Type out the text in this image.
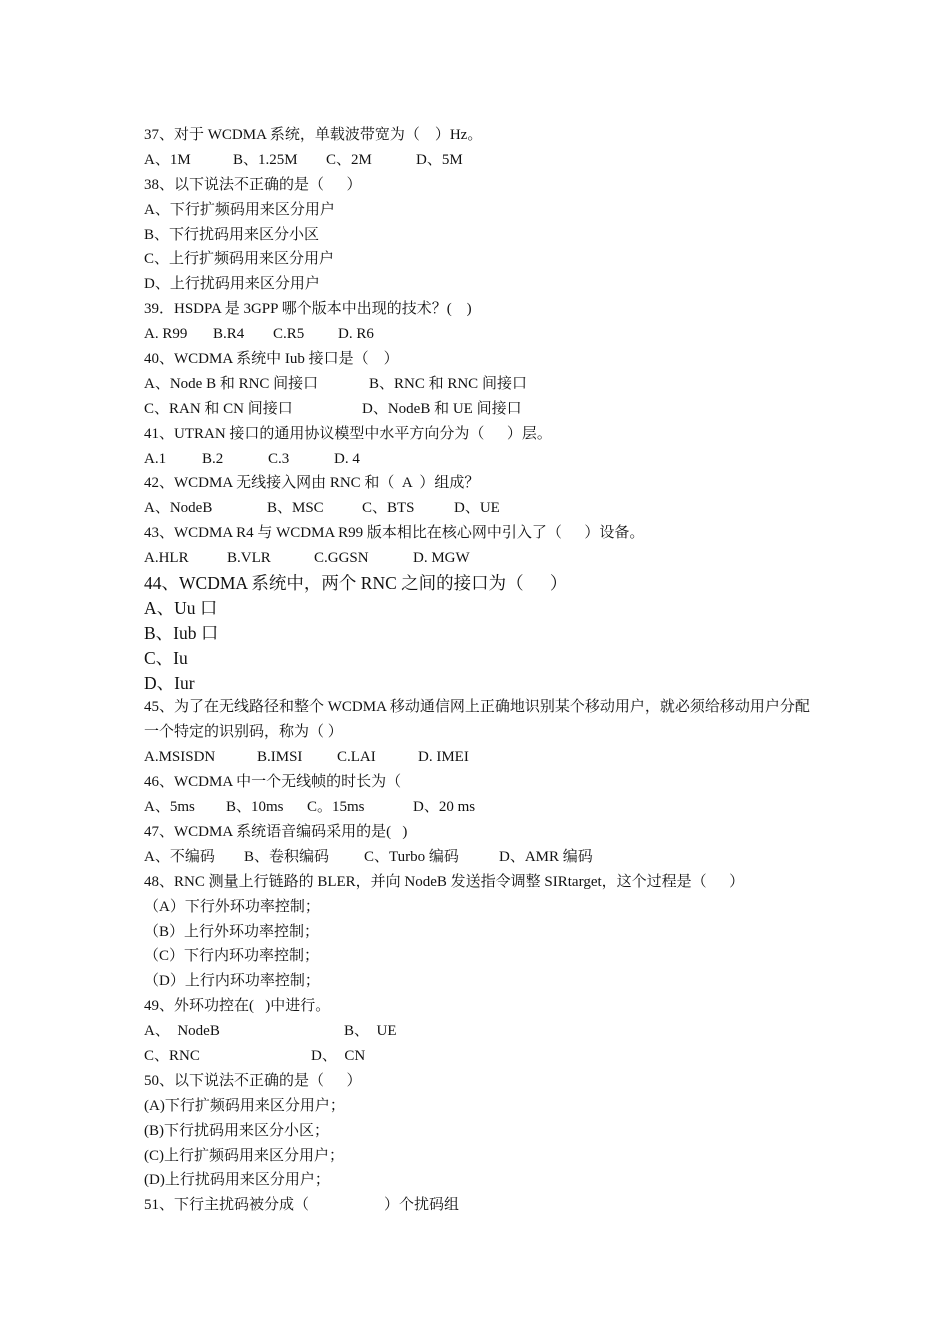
37、对于 WCDMA 系统，单载波带宽为（    ）Hz。
A、1M	B、1.25M	C、2M	D、5M
38、以下说法不正确的是（      ）
A、下行扩频码用来区分用户
B、下行扰码用来区分小区
C、上行扩频码用来区分用户
D、上行扰码用来区分用户
39．HSDPA 是 3GPP 哪个版本中出现的技术？(    )
A. R99	B.R4	C.R5	D. R6
40、WCDMA 系统中 Iub 接口是（    ）
A、Node B 和 RNC 间接口	B、RNC 和 RNC 间接口
C、RAN 和 CN 间接口	D、NodeB 和 UE 间接口
41、UTRAN 接口的通用协议模型中水平方向分为（      ）层。
A.1	B.2	C.3	D. 4
42、WCDMA 无线接入网由 RNC 和（  A  ）组成？
A、NodeB	B、MSC	C、BTS	D、UE
43、WCDMA R4 与 WCDMA R99 版本相比在核心网中引入了（      ）设备。
A.HLR	B.VLR	C.GGSN	D. MGW
44、WCDMA 系统中，两个 RNC 之间的接口为（      ）
A、Uu 口
B、Iub 口
C、Iu
D、Iur
45、为了在无线路径和整个 WCDMA 移动通信网上正确地识别某个移动用户，就必须给移动用户分配一个特定的识别码，称为（ ）
A.MSISDN	B.IMSI	C.LAI	D. IMEI
46、WCDMA 中一个无线帧的时长为（
A、5ms	B、10ms	C。15ms	D、20 ms
47、WCDMA 系统语音编码采用的是(   )
A、不编码	B、卷积编码	C、Turbo 编码	D、AMR 编码
48、RNC 测量上行链路的 BLER，并向 NodeB 发送指令调整 SIRtarget，这个过程是（      ）
（A）下行外环功率控制；
（B）上行外环功率控制；
（C）下行内环功率控制；
（D）上行内环功率控制；
49、外环功控在(   )中进行。
A、  NodeB	B、  UE
C、RNC	D、  CN
50、以下说法不正确的是（      ）
(A)下行扩频码用来区分用户；
(B)下行扰码用来区分小区；
(C)上行扩频码用来区分用户；
(D)上行扰码用来区分用户；
51、下行主扰码被分成（                    ）个扰码组
